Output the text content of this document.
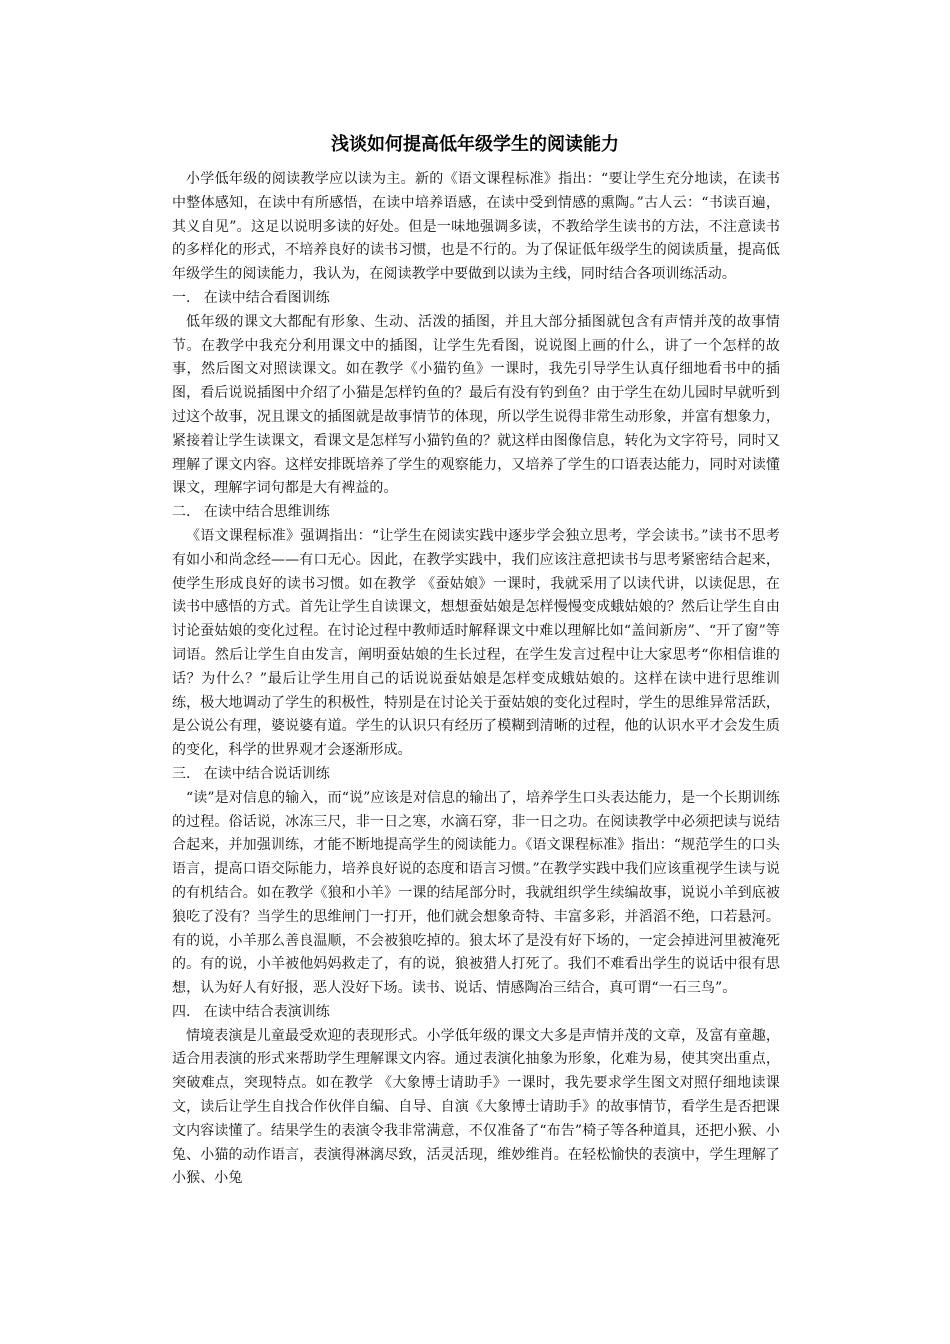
浅谈如何提高低年级学生的阅读能力

小学低年级的阅读教学应以读为主。新的《语文课程标准》指出：“要让学生充分地读，在读书中整体感知，在读中有所感悟，在读中培养语感，在读中受到情感的熏陶。”古人云：“书读百遍，其义自见”。这足以说明多读的好处。但是一味地强调多读，不教给学生读书的方法，不注意读书的多样化的形式，不培养良好的读书习惯，也是不行的。为了保证低年级学生的阅读质量，提高低年级学生的阅读能力，我认为，在阅读教学中要做到以读为主线，同时结合各项训练活动。

一.   在读中结合看图训练

低年级的课文大都配有形象、生动、活泼的插图，并且大部分插图就包含有声情并茂的故事情节。在教学中我充分利用课文中的插图，让学生先看图，说说图上画的什么，讲了一个怎样的故事，然后图文对照读课文。如在教学《小猫钓鱼》一课时，我先引导学生认真仔细地看书中的插图，看后说说插图中介绍了小猫是怎样钓鱼的？最后有没有钓到鱼？由于学生在幼儿园时早就听到过这个故事，况且课文的插图就是故事情节的体现，所以学生说得非常生动形象，并富有想象力，紧接着让学生读课文，看课文是怎样写小猫钓鱼的？就这样由图像信息，转化为文字符号，同时又理解了课文内容。这样安排既培养了学生的观察能力，又培养了学生的口语表达能力，同时对读懂课文，理解字词句都是大有裨益的。

二.   在读中结合思维训练

《语文课程标准》强调指出：“让学生在阅读实践中逐步学会独立思考，学会读书。”读书不思考有如小和尚念经——有口无心。因此，在教学实践中，我们应该注意把读书与思考紧密结合起来，使学生形成良好的读书习惯。如在教学 《蚕姑娘》一课时，我就采用了以读代讲，以读促思，在读书中感悟的方式。首先让学生自读课文，想想蚕姑娘是怎样慢慢变成蛾姑娘的？然后让学生自由讨论蚕姑娘的变化过程。在讨论过程中教师适时解释课文中难以理解比如“盖间新房”、“开了窗”等词语。然后让学生自由发言，阐明蚕姑娘的生长过程，在学生发言过程中让大家思考“你相信谁的话？为什么？”最后让学生用自己的话说说蚕姑娘是怎样变成蛾姑娘的。这样在读中进行思维训练，极大地调动了学生的积极性，特别是在讨论关于蚕姑娘的变化过程时，学生的思维异常活跃，是公说公有理，婆说婆有道。学生的认识只有经历了模糊到清晰的过程，他的认识水平才会发生质的变化，科学的世界观才会逐渐形成。

三.   在读中结合说话训练

“读”是对信息的输入，而“说”应该是对信息的输出了，培养学生口头表达能力，是一个长期训练的过程。俗话说，冰冻三尺，非一日之寒，水滴石穿，非一日之功。在阅读教学中必须把读与说结合起来，并加强训练，才能不断地提高学生的阅读能力。《语文课程标准》指出：“规范学生的口头语言，提高口语交际能力，培养良好说的态度和语言习惯。”在教学实践中我们应该重视学生读与说的有机结合。如在教学《狼和小羊》一课的结尾部分时，我就组织学生续编故事，说说小羊到底被狼吃了没有？当学生的思维闸门一打开，他们就会想象奇特、丰富多彩，并滔滔不绝，口若悬河。有的说，小羊那么善良温顺，不会被狼吃掉的。狼太坏了是没有好下场的，一定会掉进河里被淹死的。有的说，小羊被他妈妈救走了，有的说，狼被猎人打死了。我们不难看出学生的说话中很有思想，认为好人有好报，恶人没好下场。读书、说话、情感陶冶三结合，真可谓“一石三鸟”。

四.   在读中结合表演训练

情境表演是儿童最受欢迎的表现形式。小学低年级的课文大多是声情并茂的文章，及富有童趣，适合用表演的形式来帮助学生理解课文内容。通过表演化抽象为形象，化难为易，使其突出重点，突破难点，突现特点。如在教学 《大象博士请助手》一课时，我先要求学生图文对照仔细地读课文，读后让学生自找合作伙伴自编、自导、自演《大象博士请助手》的故事情节，看学生是否把课文内容读懂了。结果学生的表演令我非常满意，不仅准备了“布告”椅子等各种道具，还把小猴、小兔、小猫的动作语言，表演得淋漓尽致，活灵活现，维妙维肖。在轻松愉快的表演中，学生理解了小猴、小兔
